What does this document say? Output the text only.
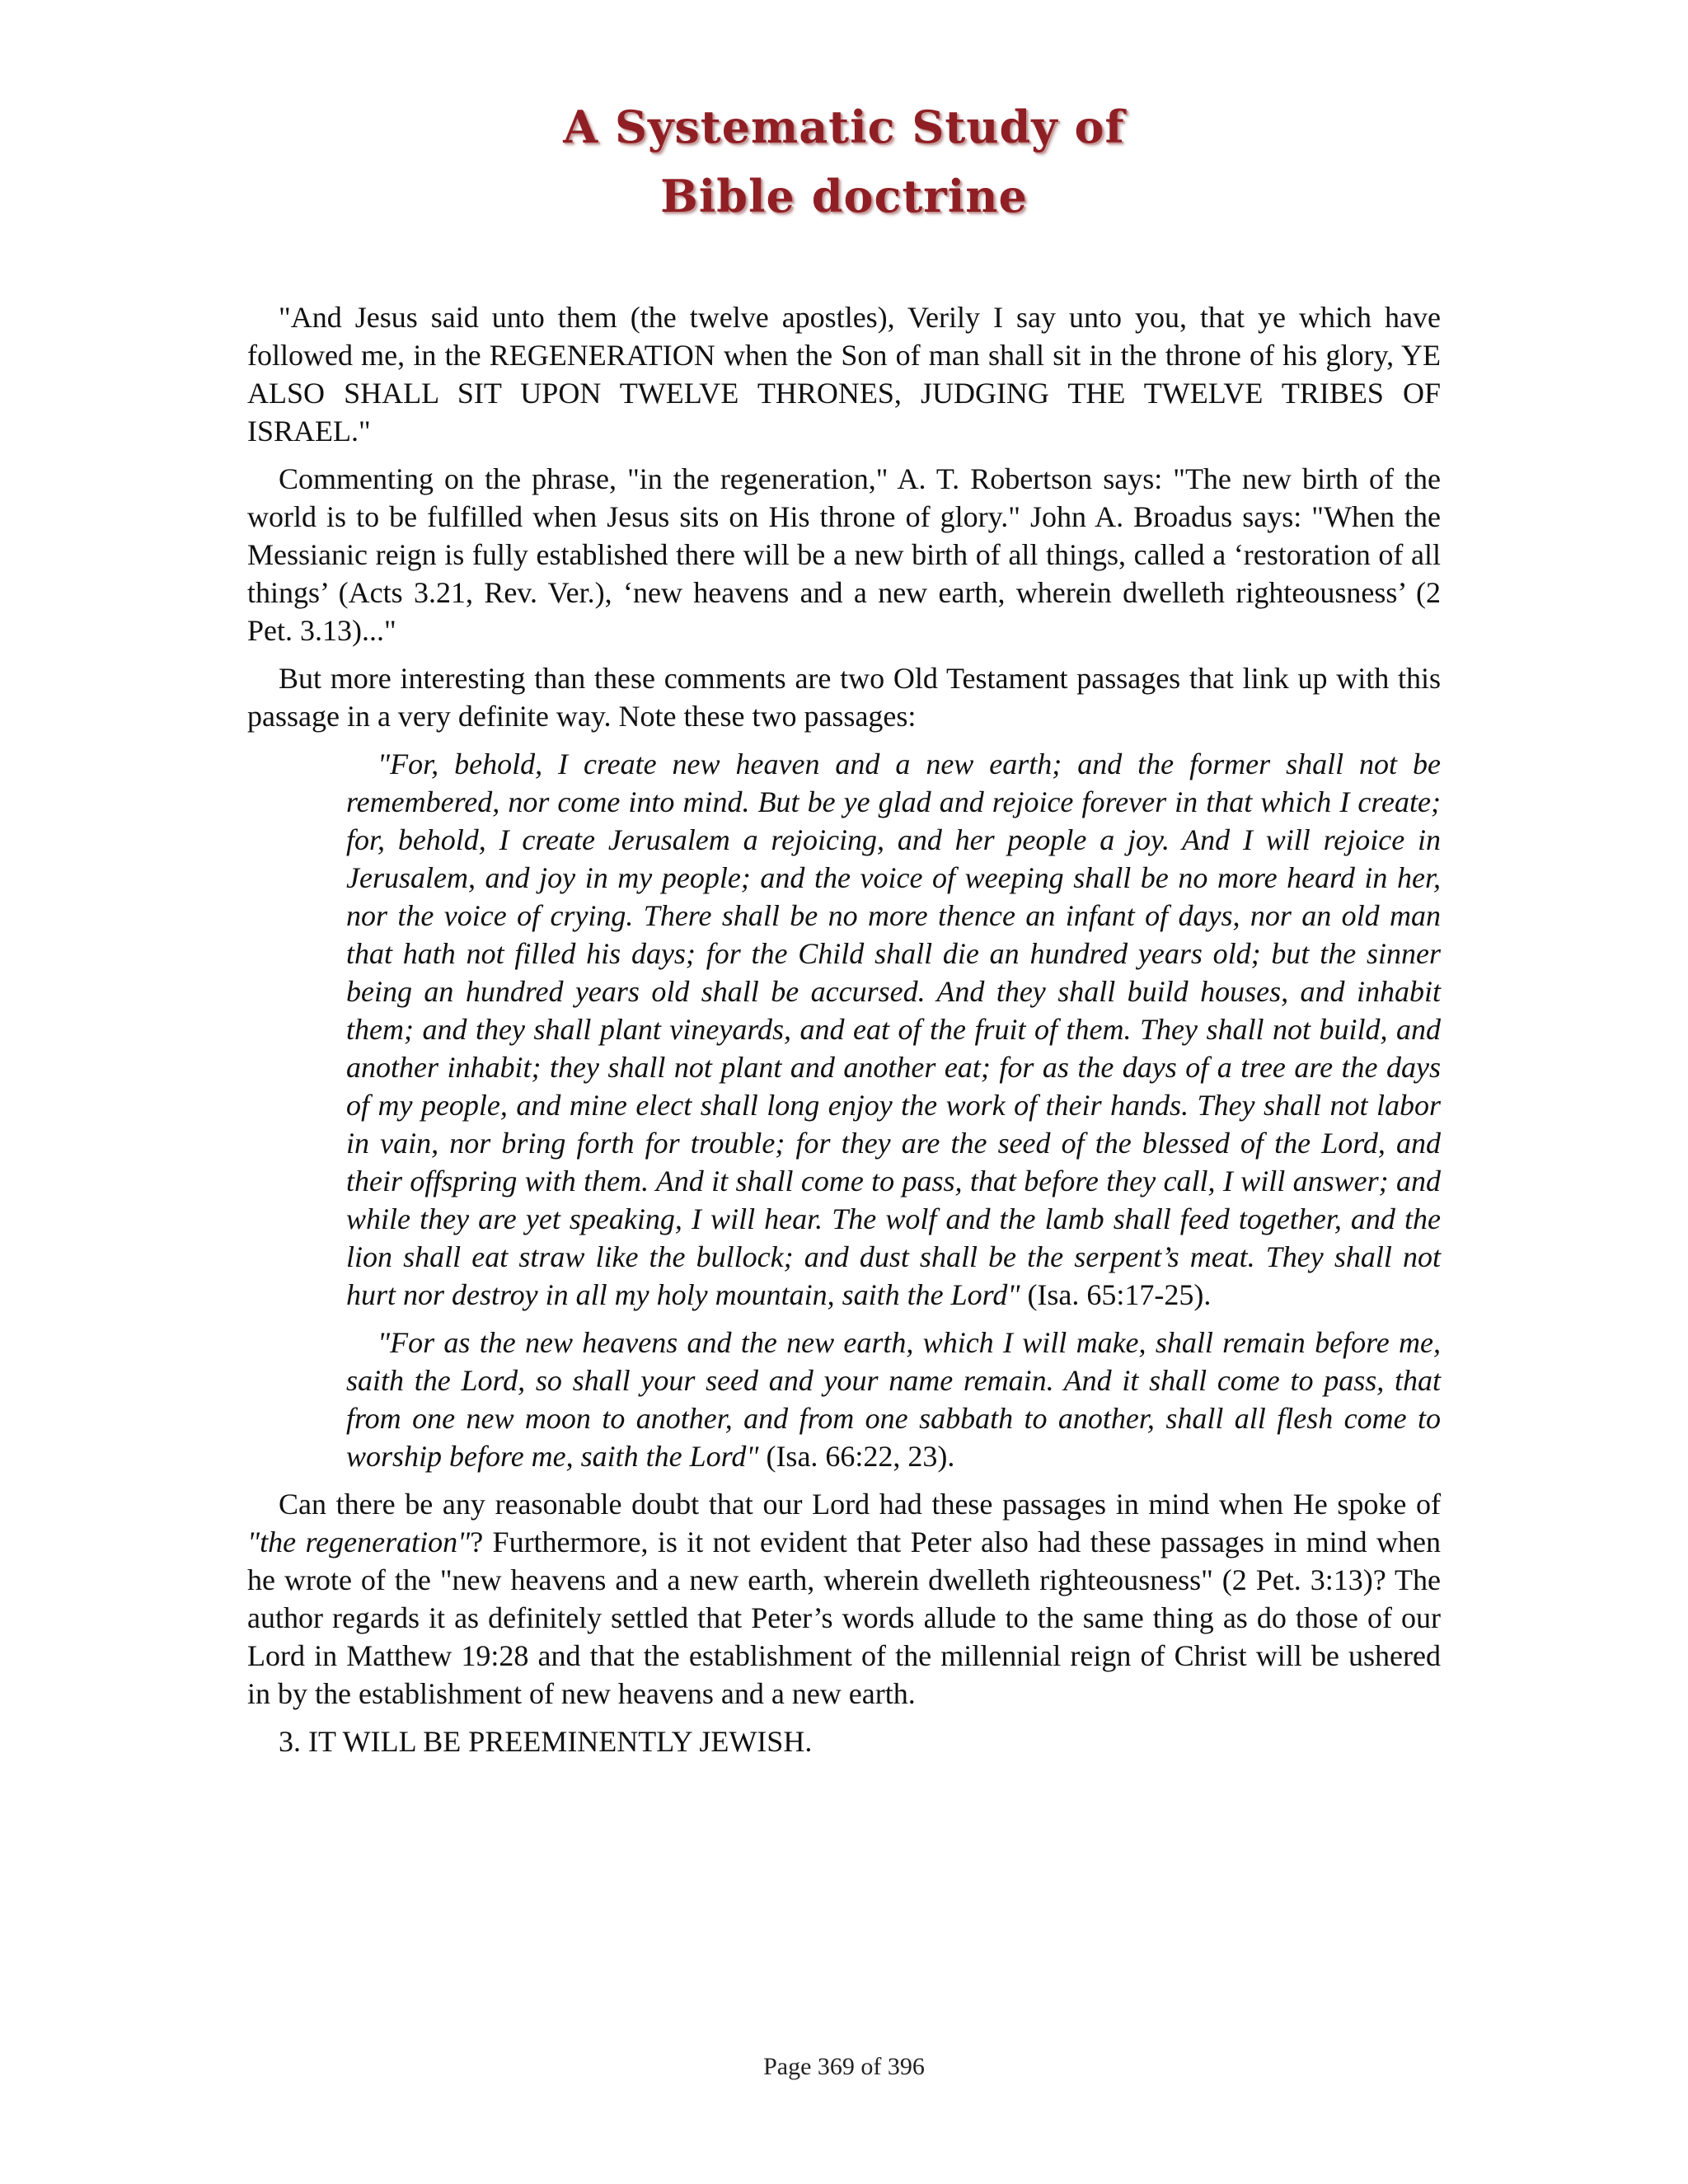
A Systematic Study of
Bible doctrine

"And Jesus said unto them (the twelve apostles), Verily I say unto you, that ye which have followed me, in the REGENERATION when the Son of man shall sit in the throne of his glory, YE ALSO SHALL SIT UPON TWELVE THRONES, JUDGING THE TWELVE TRIBES OF ISRAEL."

Commenting on the phrase, "in the regeneration," A. T. Robertson says: "The new birth of the world is to be fulfilled when Jesus sits on His throne of glory." John A. Broadus says: "When the Messianic reign is fully established there will be a new birth of all things, called a ‘restoration of all things’ (Acts 3.21, Rev. Ver.), ‘new heavens and a new earth, wherein dwelleth righteousness’ (2 Pet. 3.13)..."

But more interesting than these comments are two Old Testament passages that link up with this passage in a very definite way. Note these two passages:

"For, behold, I create new heaven and a new earth; and the former shall not be remembered, nor come into mind. But be ye glad and rejoice forever in that which I create; for, behold, I create Jerusalem a rejoicing, and her people a joy. And I will rejoice in Jerusalem, and joy in my people; and the voice of weeping shall be no more heard in her, nor the voice of crying. There shall be no more thence an infant of days, nor an old man that hath not filled his days; for the Child shall die an hundred years old; but the sinner being an hundred years old shall be accursed. And they shall build houses, and inhabit them; and they shall plant vineyards, and eat of the fruit of them. They shall not build, and another inhabit; they shall not plant and another eat; for as the days of a tree are the days of my people, and mine elect shall long enjoy the work of their hands. They shall not labor in vain, nor bring forth for trouble; for they are the seed of the blessed of the Lord, and their offspring with them. And it shall come to pass, that before they call, I will answer; and while they are yet speaking, I will hear. The wolf and the lamb shall feed together, and the lion shall eat straw like the bullock; and dust shall be the serpent’s meat. They shall not hurt nor destroy in all my holy mountain, saith the Lord" (Isa. 65:17-25).

"For as the new heavens and the new earth, which I will make, shall remain before me, saith the Lord, so shall your seed and your name remain. And it shall come to pass, that from one new moon to another, and from one sabbath to another, shall all flesh come to worship before me, saith the Lord" (Isa. 66:22, 23).

Can there be any reasonable doubt that our Lord had these passages in mind when He spoke of "the regeneration"? Furthermore, is it not evident that Peter also had these passages in mind when he wrote of the "new heavens and a new earth, wherein dwelleth righteousness" (2 Pet. 3:13)? The author regards it as definitely settled that Peter’s words allude to the same thing as do those of our Lord in Matthew 19:28 and that the establishment of the millennial reign of Christ will be ushered in by the establishment of new heavens and a new earth.

3. IT WILL BE PREEMINENTLY JEWISH.

Page 369 of 396
